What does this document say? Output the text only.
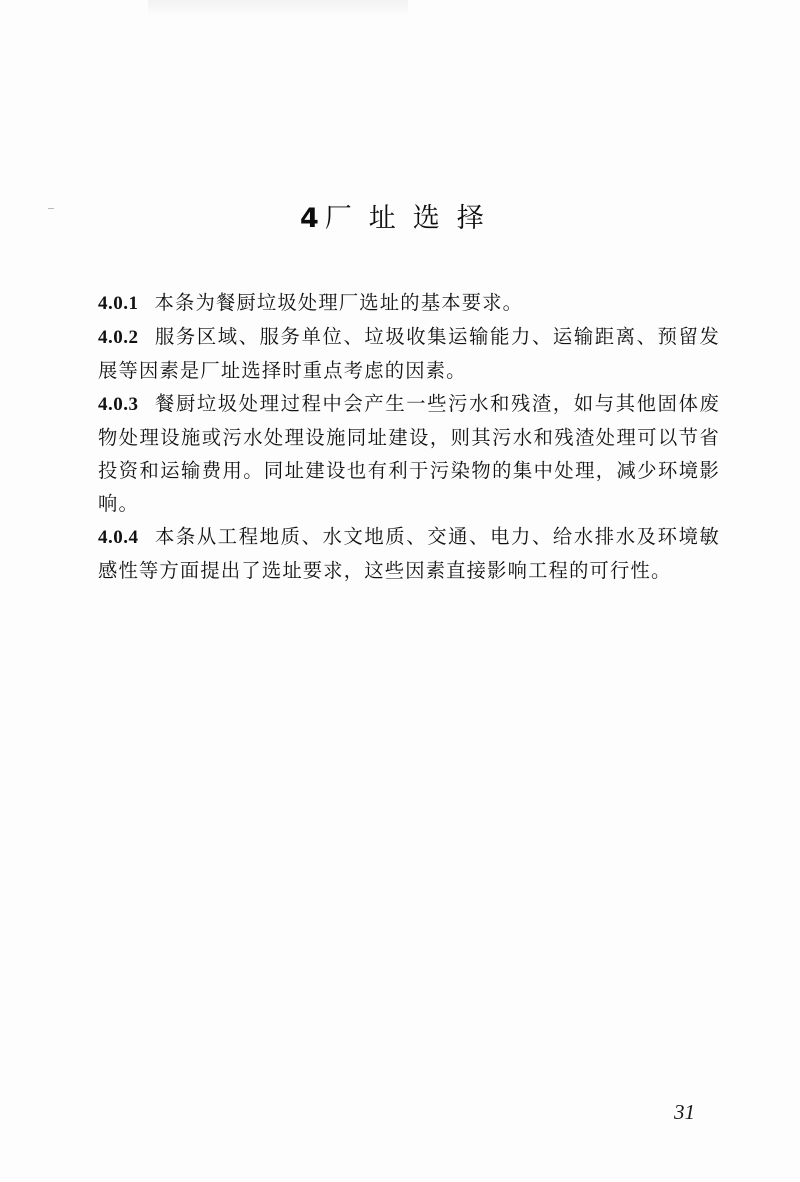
4 厂址选择

4.0.1 本条为餐厨垃圾处理厂选址的基本要求。

4.0.2 服务区域、服务单位、垃圾收集运输能力、运输距离、预留发展等因素是厂址选择时重点考虑的因素。

4.0.3 餐厨垃圾处理过程中会产生一些污水和残渣，如与其他固体废物处理设施或污水处理设施同址建设，则其污水和残渣处理可以节省投资和运输费用。同址建设也有利于污染物的集中处理，减少环境影响。

4.0.4 本条从工程地质、水文地质、交通、电力、给水排水及环境敏感性等方面提出了选址要求，这些因素直接影响工程的可行性。

31
